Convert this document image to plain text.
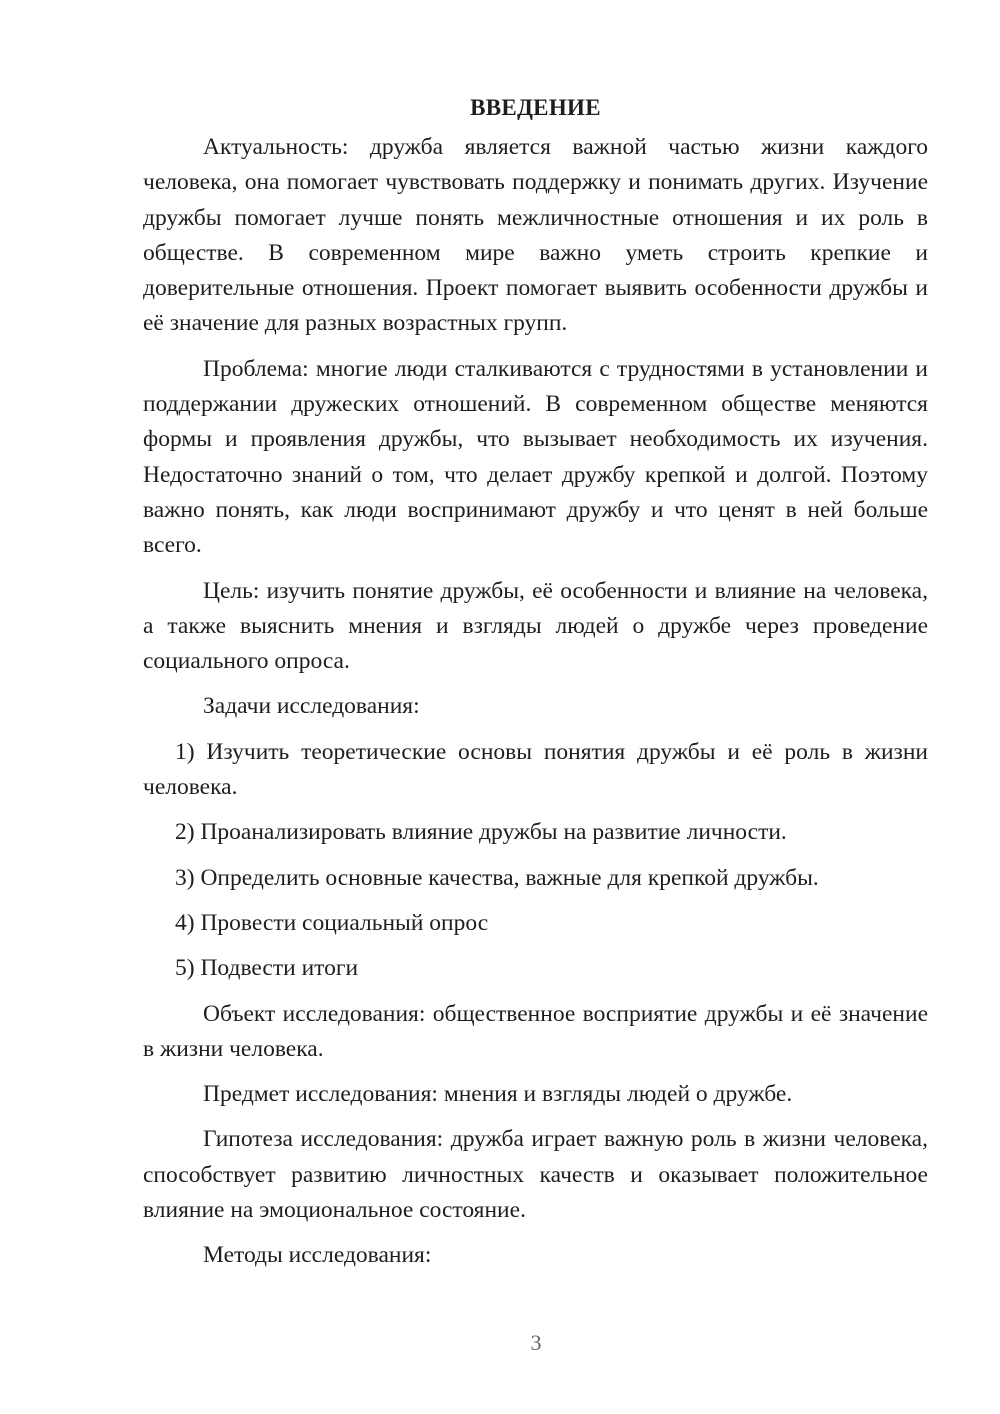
ВВЕДЕНИЕ

Актуальность: дружба является важной частью жизни каждого человека, она помогает чувствовать поддержку и понимать других. Изучение дружбы помогает лучше понять межличностные отношения и их роль в обществе. В современном мире важно уметь строить крепкие и доверительные отношения. Проект помогает выявить особенности дружбы и её значение для разных возрастных групп.

Проблема: многие люди сталкиваются с трудностями в установлении и поддержании дружеских отношений. В современном обществе меняются формы и проявления дружбы, что вызывает необходимость их изучения. Недостаточно знаний о том, что делает дружбу крепкой и долгой. Поэтому важно понять, как люди воспринимают дружбу и что ценят в ней больше всего.

Цель: изучить понятие дружбы, её особенности и влияние на человека, а также выяснить мнения и взгляды людей о дружбе через проведение социального опроса.

Задачи исследования:

1) Изучить теоретические основы понятия дружбы и её роль в жизни человека.

2) Проанализировать влияние дружбы на развитие личности.

3) Определить основные качества, важные для крепкой дружбы.

4) Провести социальный опрос

5) Подвести итоги

Объект исследования: общественное восприятие дружбы и её значение в жизни человека.

Предмет исследования: мнения и взгляды людей о дружбе.

Гипотеза исследования: дружба играет важную роль в жизни человека, способствует развитию личностных качеств и оказывает положительное влияние на эмоциональное состояние.

Методы исследования:

3
